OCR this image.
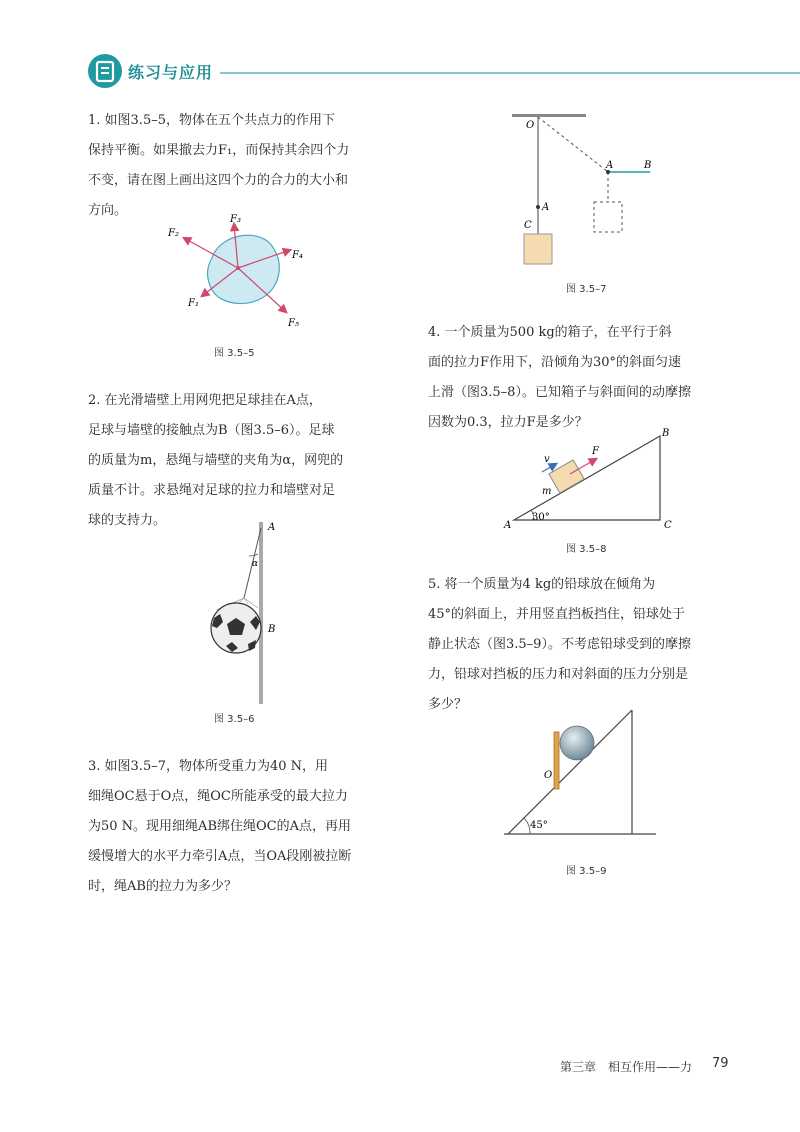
练习与应用

1. 如图3.5–5，物体在五个共点力的作用下

保持平衡。如果撤去力F₁，而保持其余四个力

不变，请在图上画出这四个力的合力的大小和

方向。

F₂
F₃
F₄
F₁
F₅
图 3.5–5

2. 在光滑墙壁上用网兜把足球挂在A点，

足球与墙壁的接触点为B（图3.5–6）。足球

的质量为m，悬绳与墙壁的夹角为α，网兜的

质量不计。求悬绳对足球的拉力和墙壁对足

球的支持力。	A
B
α
图 3.5–6

3. 如图3.5–7，物体所受重力为40 N，用

细绳OC悬于O点，绳OC所能承受的最大拉力

为50 N。现用细绳AB绑住绳OC的A点，再用

缓慢增大的水平力牵引A点，当OA段刚被拉断

时，绳AB的拉力为多少？

O
A
C
A	B
图 3.5–7

4. 一个质量为500 kg的箱子，在平行于斜

面的拉力F作用下，沿倾角为30°的斜面匀速

上滑（图3.5–8）。已知箱子与斜面间的动摩擦

因数为0.3，拉力F是多少？

A
B
C
v
F
m
30°
图 3.5–8

5. 将一个质量为4 kg的铅球放在倾角为

45°的斜面上，并用竖直挡板挡住，铅球处于

静止状态（图3.5–9）。不考虑铅球受到的摩擦

力，铅球对挡板的压力和对斜面的压力分别是

多少？

O
45°
图 3.5–9
第三章　相互作用——力 79
